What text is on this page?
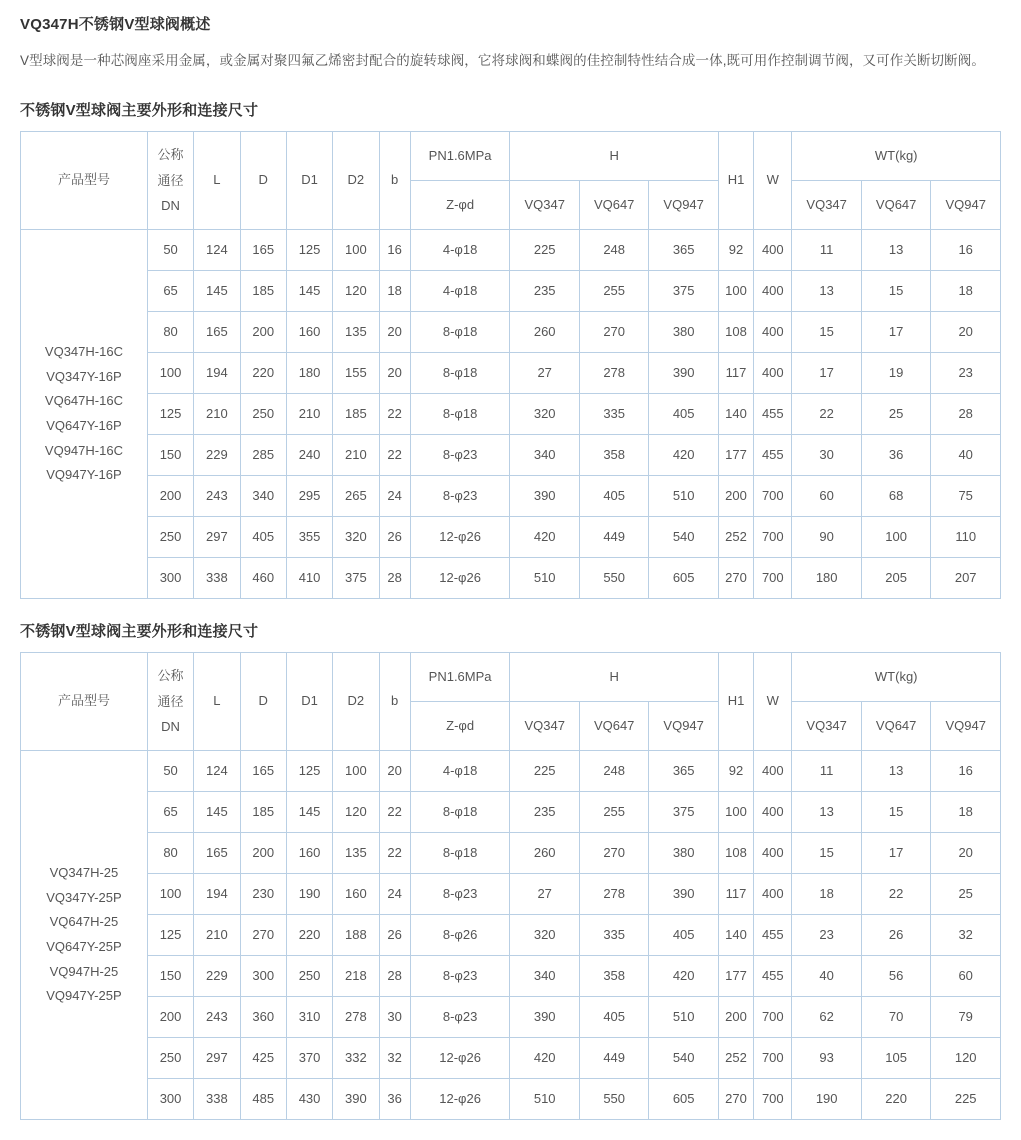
VQ347H不锈钢V型球阀概述

V型球阀是一种芯阀座采用金属，或金属对聚四氟乙烯密封配合的旋转球阀，它将球阀和蝶阀的佳控制特性结合成一体,既可用作控制调节阀，又可作关断切断阀。

不锈钢V型球阀主要外形和连接尺寸
产品型号	公称
通径
DN	L	D	D1	D2	b	PN1.6MPa	H			H1	W	WT(kg)		
							Z-φd	VQ347	VQ647	VQ947			VQ347	VQ647	VQ947

VQ347H-16C
VQ347Y-16P
VQ647H-16C
VQ647Y-16P
VQ947H-16C
VQ947Y-16P
	50	124	165	125	100	16	4-φ18	225	248	365	92	400	11	13	16
	65	145	185	145	120	18	4-φ18	235	255	375	100	400	13	15	18
	80	165	200	160	135	20	8-φ18	260	270	380	108	400	15	17	20
	100	194	220	180	155	20	8-φ18	27	278	390	117	400	17	19	23
	125	210	250	210	185	22	8-φ18	320	335	405	140	455	22	25	28
	150	229	285	240	210	22	8-φ23	340	358	420	177	455	30	36	40
	200	243	340	295	265	24	8-φ23	390	405	510	200	700	60	68	75
	250	297	405	355	320	26	12-φ26	420	449	540	252	700	90	100	110
	300	338	460	410	375	28	12-φ26	510	550	605	270	700	180	205	207
不锈钢V型球阀主要外形和连接尺寸
产品型号	公称
通径
DN	L	D	D1	D2	b	PN1.6MPa	H			H1	W	WT(kg)		
							Z-φd	VQ347	VQ647	VQ947			VQ347	VQ647	VQ947

VQ347H-25
VQ347Y-25P
VQ647H-25
VQ647Y-25P
VQ947H-25
VQ947Y-25P
	50	124	165	125	100	20	4-φ18	225	248	365	92	400	11	13	16
	65	145	185	145	120	22	8-φ18	235	255	375	100	400	13	15	18
	80	165	200	160	135	22	8-φ18	260	270	380	108	400	15	17	20
	100	194	230	190	160	24	8-φ23	27	278	390	117	400	18	22	25
	125	210	270	220	188	26	8-φ26	320	335	405	140	455	23	26	32
	150	229	300	250	218	28	8-φ23	340	358	420	177	455	40	56	60
	200	243	360	310	278	30	8-φ23	390	405	510	200	700	62	70	79
	250	297	425	370	332	32	12-φ26	420	449	540	252	700	93	105	120
	300	338	485	430	390	36	12-φ26	510	550	605	270	700	190	220	225
